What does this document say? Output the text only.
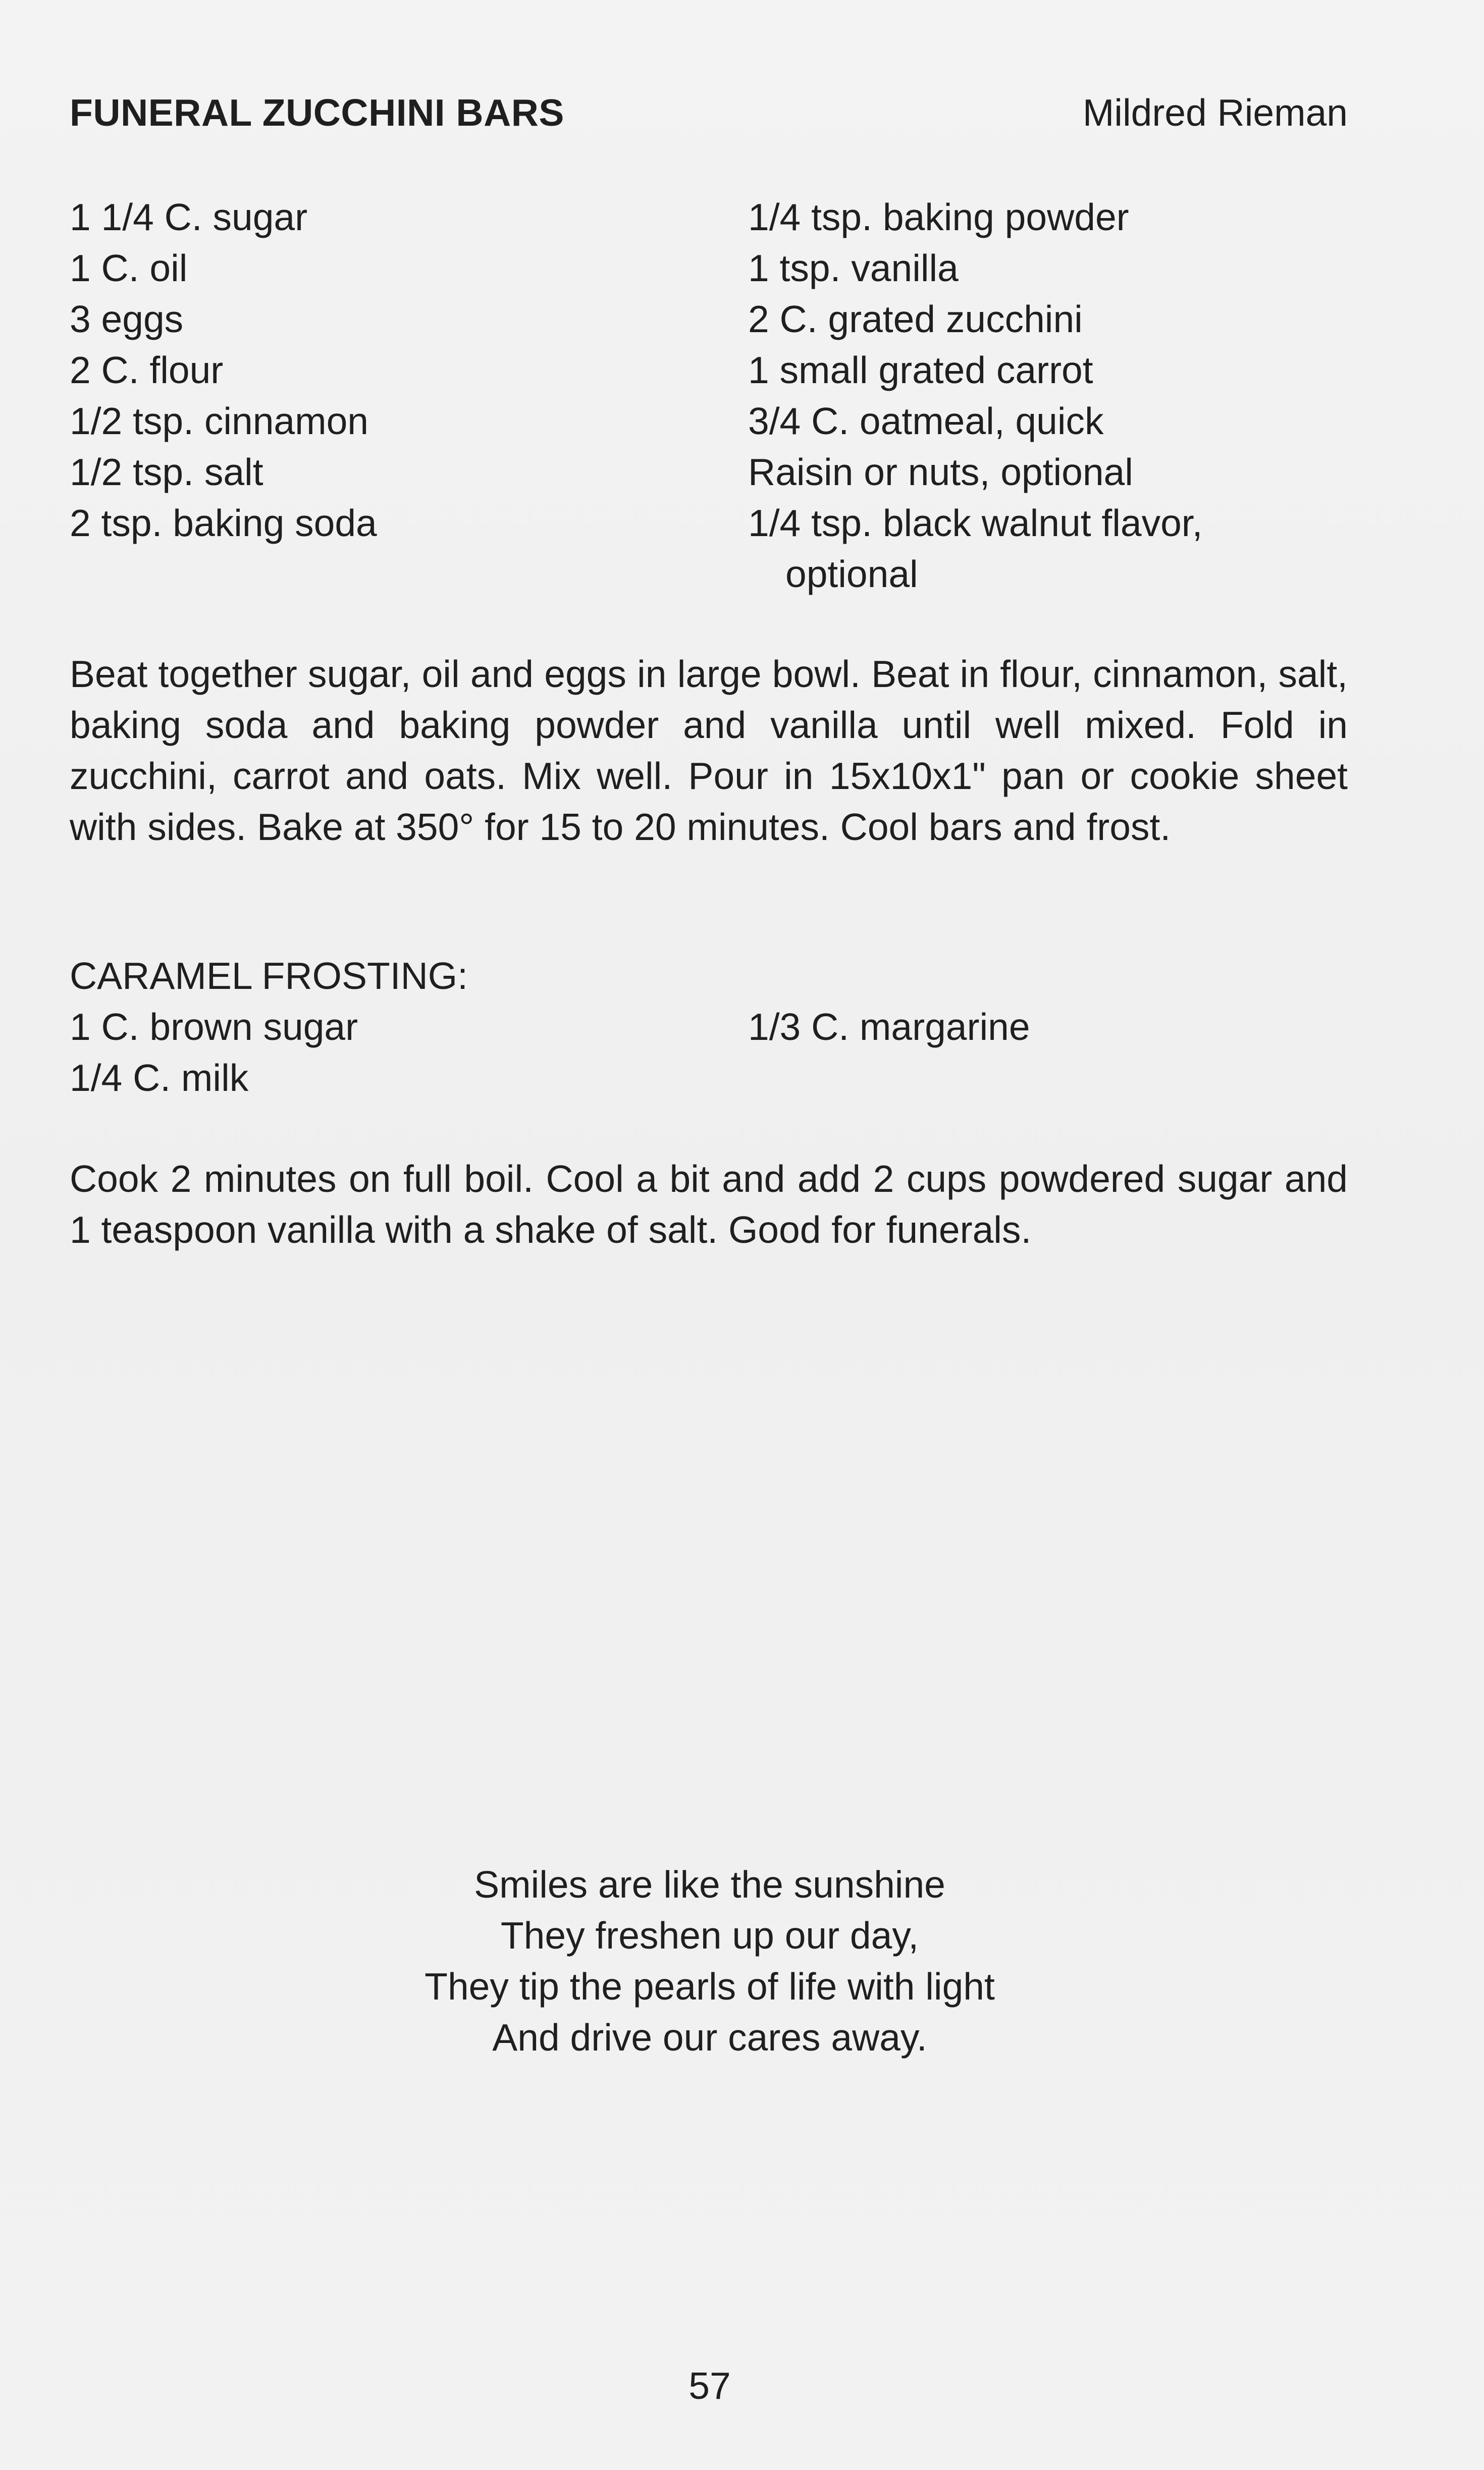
FUNERAL ZUCCHINI BARS	Mildred Rieman
1 1/4 C. sugar
1 C. oil
3 eggs
2 C. flour
1/2 tsp. cinnamon
1/2 tsp. salt
2 tsp. baking soda
1/4 tsp. baking powder
1 tsp. vanilla
2 C. grated zucchini
1 small grated carrot
3/4 C. oatmeal, quick
Raisin or nuts, optional
1/4 tsp. black walnut flavor,
optional
Beat together sugar, oil and eggs in large bowl. Beat in flour, cinnamon, salt, baking soda and baking powder and vanilla until well mixed. Fold in zucchini, carrot and oats. Mix well. Pour in 15x10x1" pan or cookie sheet with sides. Bake at 350° for 15 to 20 minutes. Cool bars and frost.
CARAMEL FROSTING:
1 C. brown sugar
1/4 C. milk
1/3 C. margarine
Cook 2 minutes on full boil. Cool a bit and add 2 cups powdered sugar and 1 teaspoon vanilla with a shake of salt. Good for funerals.
Smiles are like the sunshine
They freshen up our day,
They tip the pearls of life with light
And drive our cares away.
57
